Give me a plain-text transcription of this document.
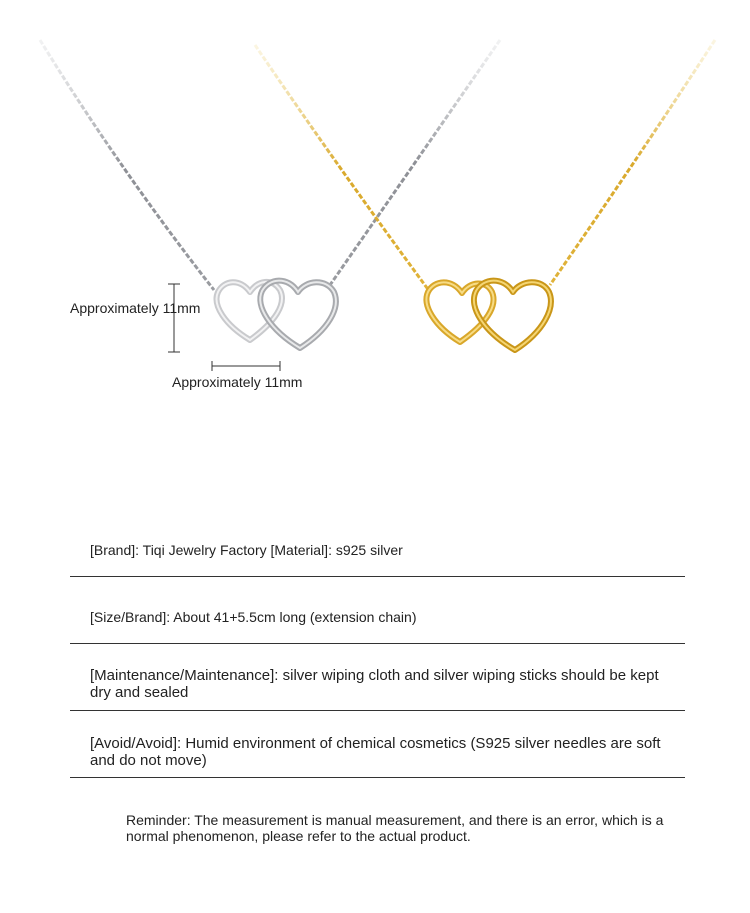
Approximately 11mm
Approximately 11mm
[Brand]: Tiqi Jewelry Factory [Material]: s925 silver
[Size/Brand]: About 41+5.5cm long (extension chain)
[Maintenance/Maintenance]: silver wiping cloth and silver wiping sticks should be kept dry and sealed
[Avoid/Avoid]: Humid environment of chemical cosmetics (S925 silver needles are soft and do not move)
Reminder: The measurement is manual measurement, and there is an error, which is a normal phenomenon, please refer to the actual product.
